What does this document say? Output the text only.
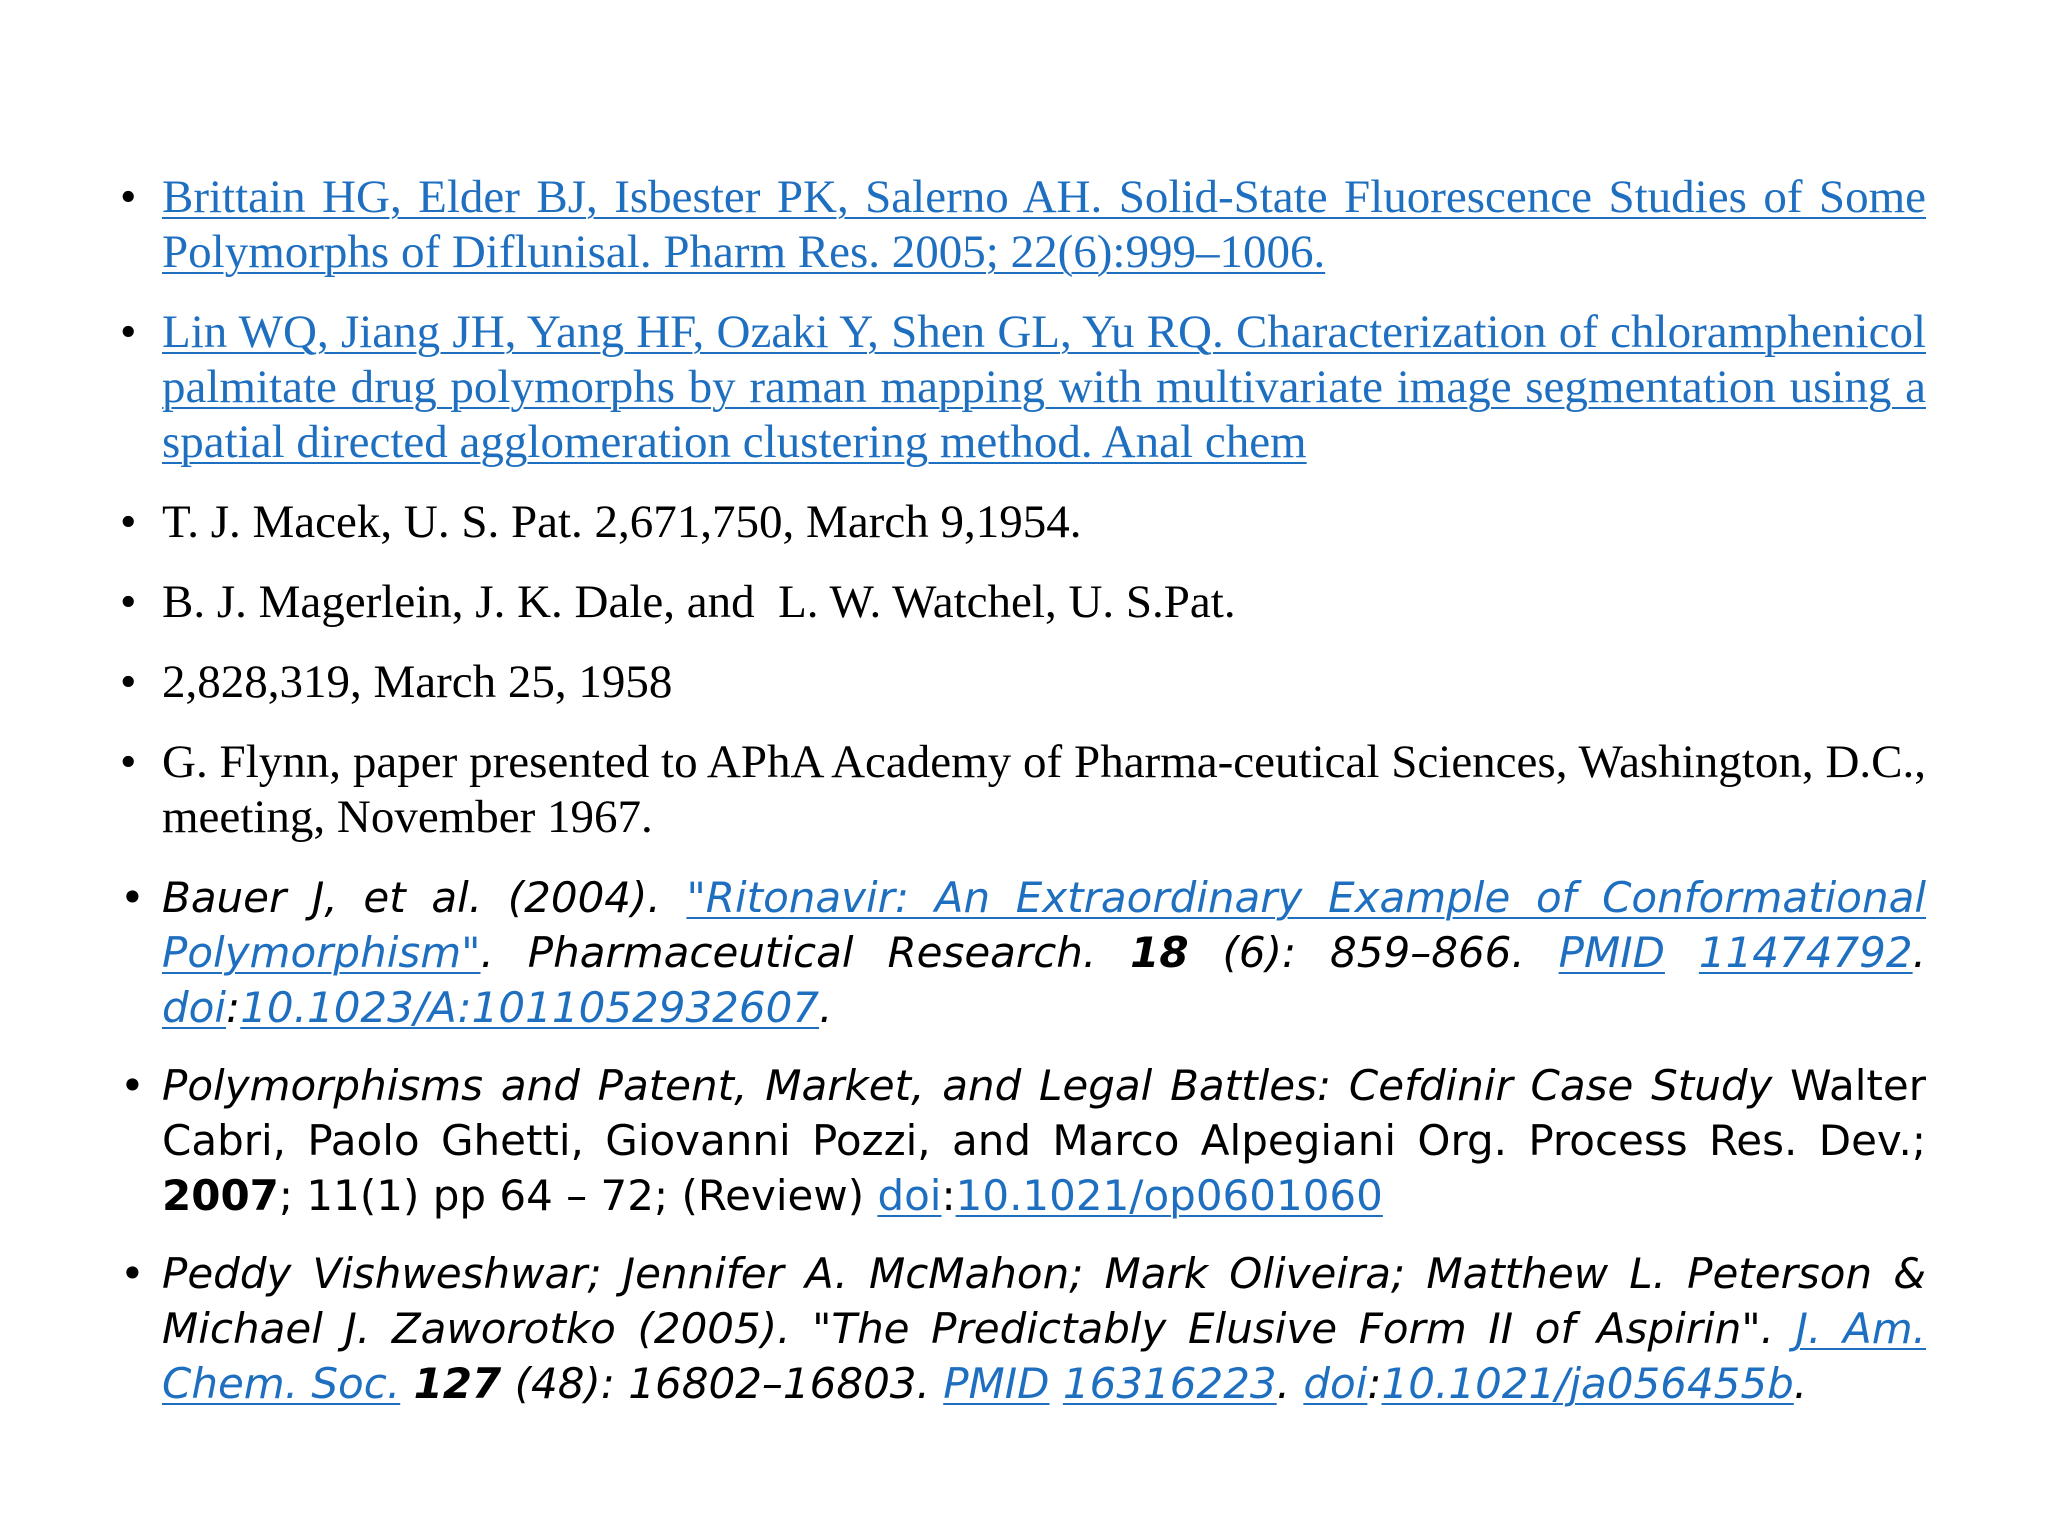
• Brittain HG, Elder BJ, Isbester PK, Salerno AH. Solid-State Fluorescence Studies of Some Polymorphs of Diflunisal. Pharm Res. 2005; 22(6):999–1006.
• Lin WQ, Jiang JH, Yang HF, Ozaki Y, Shen GL, Yu RQ. Characterization of chloramphenicol palmitate drug polymorphs by raman mapping with multivariate image segmentation using a spatial directed agglomeration clustering method. Anal chem
• T. J. Macek, U. S. Pat. 2,671,750, March 9,1954.
• B. J. Magerlein, J. K. Dale, and  L. W. Watchel, U. S.Pat.
• 2,828,319, March 25, 1958
• G. Flynn, paper presented to APhA Academy of Pharma-ceutical Sciences, Washington, D.C., meeting, November 1967.
• Bauer J, et al. (2004). "Ritonavir: An Extraordinary Example of Conformational Polymorphism". Pharmaceutical Research. 18 (6): 859–866. PMID 11474792. doi:10.1023/A:1011052932607.
• Polymorphisms and Patent, Market, and Legal Battles: Cefdinir Case Study Walter Cabri, Paolo Ghetti, Giovanni Pozzi, and Marco Alpegiani Org. Process Res. Dev.; 2007; 11(1) pp 64 – 72; (Review) doi:10.1021/op0601060
• Peddy Vishweshwar; Jennifer A. McMahon; Mark Oliveira; Matthew L. Peterson & Michael J. Zaworotko (2005). "The Predictably Elusive Form II of Aspirin". J. Am. Chem. Soc. 127 (48): 16802–16803. PMID 16316223. doi:10.1021/ja056455b.
